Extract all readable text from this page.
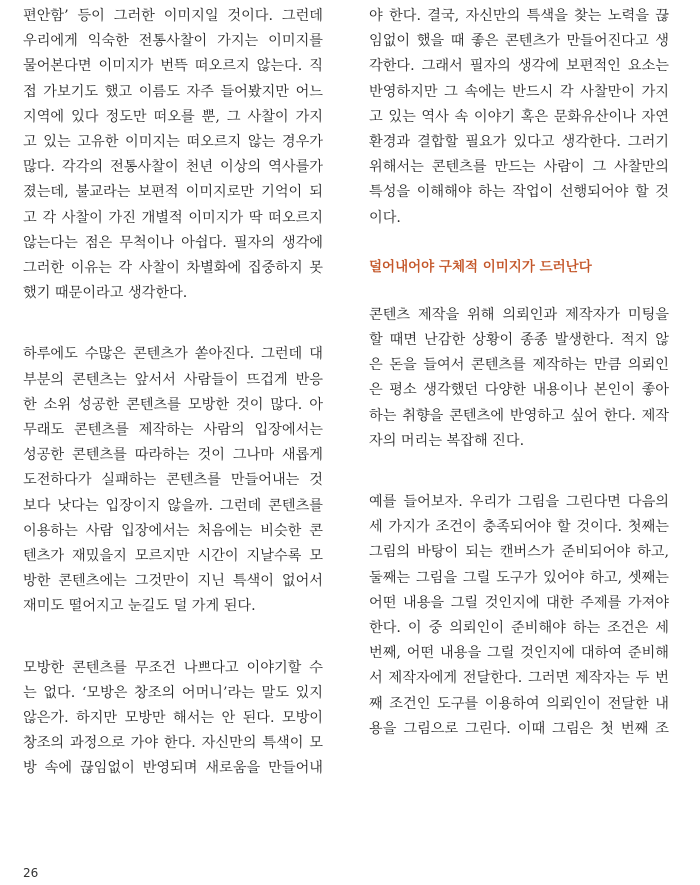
편안함’ 등이 그러한 이미지일 것이다. 그런데
우리에게 익숙한 전통사찰이 가지는 이미지를
물어본다면 이미지가 번뜩 떠오르지 않는다. 직
접 가보기도 했고 이름도 자주 들어봤지만 어느
지역에 있다 정도만 떠오를 뿐, 그 사찰이 가지
고 있는 고유한 이미지는 떠오르지 않는 경우가
많다. 각각의 전통사찰이 천년 이상의 역사를가
졌는데, 불교라는 보편적 이미지로만 기억이 되
고 각 사찰이 가진 개별적 이미지가 딱 떠오르지
않는다는 점은 무척이나 아쉽다. 필자의 생각에
그러한 이유는 각 사찰이 차별화에 집중하지 못
했기 때문이라고 생각한다.

하루에도 수많은 콘텐츠가 쏟아진다. 그런데 대
부분의 콘텐츠는 앞서서 사람들이 뜨겁게 반응
한 소위 성공한 콘텐츠를 모방한 것이 많다. 아
무래도 콘텐츠를 제작하는 사람의 입장에서는
성공한 콘텐츠를 따라하는 것이 그나마 새롭게
도전하다가 실패하는 콘텐츠를 만들어내는 것
보다 낫다는 입장이지 않을까. 그런데 콘텐츠를
이용하는 사람 입장에서는 처음에는 비슷한 콘
텐츠가 재밌을지 모르지만 시간이 지날수록 모
방한 콘텐츠에는 그것만이 지닌 특색이 없어서
재미도 떨어지고 눈길도 덜 가게 된다.

모방한 콘텐츠를 무조건 나쁘다고 이야기할 수
는 없다. ‘모방은 창조의 어머니’라는 말도 있지
않은가. 하지만 모방만 해서는 안 된다. 모방이
창조의 과정으로 가야 한다. 자신만의 특색이 모
방 속에 끊임없이 반영되며 새로움을 만들어내

야 한다. 결국, 자신만의 특색을 찾는 노력을 끊
임없이 했을 때 좋은 콘텐츠가 만들어진다고 생
각한다. 그래서 필자의 생각에 보편적인 요소는
반영하지만 그 속에는 반드시 각 사찰만이 가지
고 있는 역사 속 이야기 혹은 문화유산이나 자연
환경과 결합할 필요가 있다고 생각한다. 그러기
위해서는 콘텐츠를 만드는 사람이 그 사찰만의
특성을 이해해야 하는 작업이 선행되어야 할 것
이다.

덜어내어야 구체적 이미지가 드러난다

콘텐츠 제작을 위해 의뢰인과 제작자가 미팅을
할 때면 난감한 상황이 종종 발생한다. 적지 않
은 돈을 들여서 콘텐츠를 제작하는 만큼 의뢰인
은 평소 생각했던 다양한 내용이나 본인이 좋아
하는 취향을 콘텐츠에 반영하고 싶어 한다. 제작
자의 머리는 복잡해 진다.

예를 들어보자. 우리가 그림을 그린다면 다음의
세 가지가 조건이 충족되어야 할 것이다. 첫째는
그림의 바탕이 되는 캔버스가 준비되어야 하고,
둘째는 그림을 그릴 도구가 있어야 하고, 셋째는
어떤 내용을 그릴 것인지에 대한 주제를 가져야
한다. 이 중 의뢰인이 준비해야 하는 조건은 세
번째, 어떤 내용을 그릴 것인지에 대하여 준비해
서 제작자에게 전달한다. 그러면 제작자는 두 번
째 조건인 도구를 이용하여 의뢰인이 전달한 내
용을 그림으로 그린다. 이때 그림은 첫 번째 조

26
